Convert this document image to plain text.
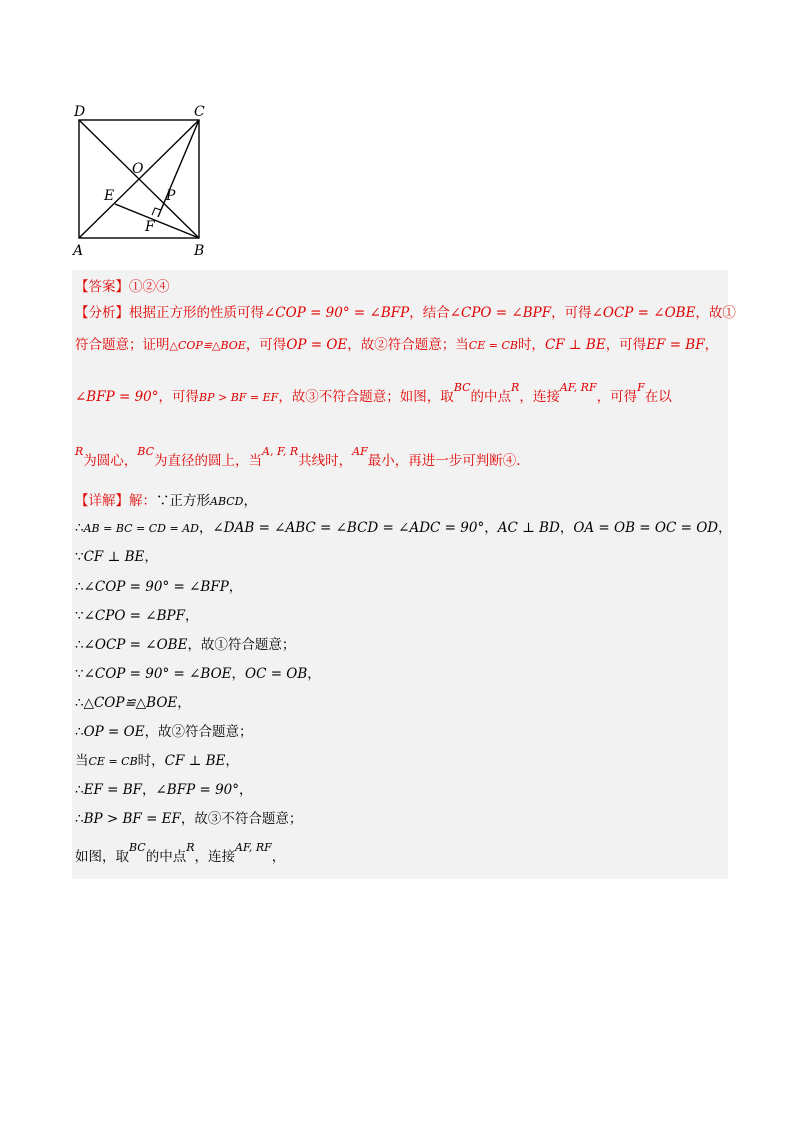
D	C
A	B
O
E	P
F
【答案】①②④
【分析】根据正方形的性质可得∠COP = 90° = ∠BFP，结合∠CPO = ∠BPF，可得∠OCP = ∠OBE，故①
符合题意；证明△COP≌△BOE，可得OP = OE，故②符合题意；当CE = CB时，CF ⊥ BE，可得EF = BF，
∠BFP = 90°，可得BP > BF = EF，故③不符合题意；如图，取$^{BC}$的中点$^R$，连接$^{AF, RF}$，可得$^F$在以
$^R$为圆心，$^{BC}$为直径的圆上，当$^{A, F, R}$共线时，$^{AF}$最小，再进一步可判断④.
【详解】解：∵正方形ABCD，
∴AB = BC = CD = AD，∠DAB = ∠ABC = ∠BCD = ∠ADC = 90°，AC ⊥ BD，OA = OB = OC = OD，
∵CF ⊥ BE，
∴∠COP = 90° = ∠BFP，
∵∠CPO = ∠BPF，
∴∠OCP = ∠OBE，故①符合题意；
∵∠COP = 90° = ∠BOE，OC = OB，
∴△COP≌△BOE，
∴OP = OE，故②符合题意；
当CE = CB时，CF ⊥ BE，
∴EF = BF，∠BFP = 90°，
∴BP > BF = EF，故③不符合题意；
如图，取$^{BC}$的中点$^R$，连接$^{AF, RF}$，
